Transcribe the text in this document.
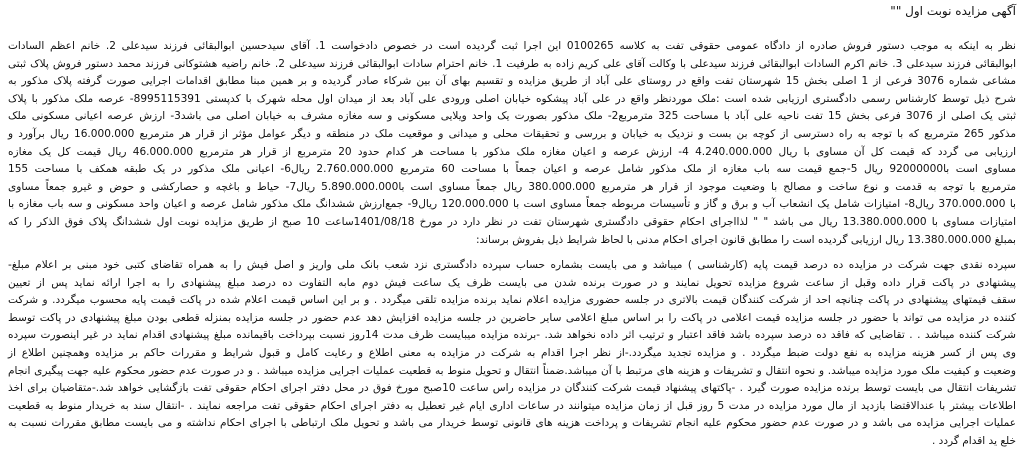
آگهی مزایده نوبت اول ""
نظر به اینکه به موجب دستور فروش صادره از دادگاه عمومی حقوقی تفت به کلاسه 0100265 این اجرا ثبت گردیده است در خصوص دادخواست 1. آقای سیدحسین ابوالبقائی فرزند سیدعلی 2. خانم اعظم السادات
ابوالبقائی فرزند سیدعلی 3. خانم اکرم السادات ابوالبقائی فرزند سیدعلی با وکالت آقای علی کریم زاده به طرفیت 1. خانم احترام سادات ابوالبقائی فرزند سیدعلی 2. خانم راضیه هشتوکانی فرزند محمد دستور فروش پلاک ثبتی
مشاعی شماره 3076 فرعی از 1 اصلی بخش 15 شهرستان تفت واقع در روستای علی آباد از طریق مزایده و تقسیم بهای آن بین شرکاء صادر گردیده و بر همین مبنا مطابق اقدامات اجرایی صورت گرفته پلاک مذکور به
شرح ذیل توسط کارشناس رسمی دادگستری ارزیابی شده است :ملک موردنظر واقع در علی آباد پیشکوه خیابان اصلی ورودی علی آباد بعد از میدان اول محله شهرک با کدپستی 8995115391- عرصه ملک مذکور با پلاک
ثبتی یک اصلی از 3076 فرعی بخش 15 تفت ناحیه علی آباد با مساحت 325 مترمربع2- ملک مذکور بصورت یک واحد ویلایی مسکونی و سه مغازه مشرف به خیابان اصلی می باشد3- ارزش عرصه اعیانی مسکونی ملک
مذکور 265 مترمربع که با توجه به راه دسترسی از کوچه بن بست و نزدیک به خیابان و بررسی و تحقیقات محلی و میدانی و موقعیت ملک در منطقه و دیگر عوامل مؤثر از قرار هر مترمربع 16.000.000 ریال برآورد و
ارزیابی می گردد که قیمت کل آن مساوی با ریال 4.240.000.000 4- ارزش عرصه و اعیان مغازه ملک مذکور با مساحت هر کدام حدود 20 مترمربع از قرار هر مترمربع 46.000.000 ریال قیمت کل یک مغازه
مساوی است با92000000 ریال 5-جمع قیمت سه باب مغازه از ملک مذکور شامل عرصه و اعیان جمعاً با مساحت 60 مترمربع 2.760.000.000 ریال6- اعیانی ملک مذکور در یک طبقه همکف با مساحت 155
مترمربع با توجه به قدمت و نوع ساخت و مصالح با وضعیت موجود از قرار هر مترمربع 380.000.000 ریال جمعاً مساوی است با5.890.000.000 ریال7- حیاط و باغچه و حصارکشی و حوض و غیرو جمعاً مساوی
با 370.000.000 ریال8- امتیازات شامل یک انشعاب آب و برق و گاز و تأسیسات مربوطه جمعاً مساوی است با 120.000.000 ریال9- جمع‌ارزش ششدانگ ملک مذکور شامل عرصه و اعیان واحد مسکونی و سه باب مغازه با
امتیازات مساوی با 13.380.000.000 ریال می باشد " " لذااجرای احکام حقوقی دادگستری شهرستان تفت در نظر دارد در مورخ 1401/08/18ساعت 10 صبح از طریق مزایده نوبت اول ششدانگ پلاک فوق الذکر را که
بمبلغ 13.380.000.000 ریال ارزیابی گردیده است را مطابق قانون اجرای احکام مدنی با لحاظ شرایط ذیل بفروش برساند:
سپرده نقدی جهت شرکت در مزایده ده درصد قیمت پایه (کارشناسی ) میباشد و می بایست بشماره حساب سپرده دادگستری نزد شعب بانک ملی واریز و اصل فیش را به همراه تقاضای کتبی خود مبنی بر اعلام مبلغ-
پیشنهادی در پاکت قرار داده وقبل از ساعت شروع مزایده تحویل نمایند و در صورت برنده شدن می بایست ظرف یک ساعت فیش دوم مابه التفاوت ده درصد مبلغ پیشنهادی را به اجرا ارائه نماید پس از تعیین
سقف قیمتهای پیشنهادی در پاکت چنانچه احد از شرکت کنندگان قیمت بالاتری در جلسه حضوری مزایده اعلام نماید برنده مزایده تلقی میگردد . و بر این اساس قیمت اعلام شده در پاکت قیمت پایه محسوب میگردد. و شرکت
کننده در مزایده می تواند با حضور در جلسه مزایده قیمت اعلامی در پاکت را بر اساس مبلغ اعلامی سایر حاضرین در جلسه مزایده افزایش دهد عدم حضور در جلسه مزایده بمنزله قطعی بودن مبلغ پیشنهادی در پاکت توسط
شرکت کننده میباشد . . تقاضایی که فاقد ده درصد سپرده باشد فاقد اعتبار و ترتیب اثر داده نخواهد شد. -برنده مزایده میبایست ظرف مدت 14روز نسبت بپرداخت باقیمانده مبلغ پیشنهادی اقدام نماید در غیر اینصورت سپرده
وی پس از کسر هزینه مزایده به نفع دولت ضبط میگردد . و مزایده تجدید میگردد.-از نظر اجرا اقدام به شرکت در مزایده به معنی اطلاع و رعایت کامل و قبول شرایط و مقررات حاکم بر مزایده وهمچنین اطلاع از
وضعیت و کیفیت ملک مورد مزایده میباشد. و نحوه انتقال و تشریفات و هزینه های مرتبط با آن میباشد.ضمناً انتقال و تحویل منوط به قطعیت عملیات اجرایی مزایده میباشد . و در صورت عدم حضور محکوم علیه جهت پیگیری انجام
تشریفات انتقال می بایست توسط برنده مزایده صورت گیرد . -پاکتهای پیشنهاد قیمت شرکت کنندگان در مزایده راس ساعت 10صبح مورخ فوق در محل دفتر اجرای احکام حقوقی تفت بازگشایی خواهد شد.-متقاضیان برای اخذ
اطلاعات بیشتر با عندالاقتضا بازدید از مال مورد مزایده در مدت 5 روز قبل از زمان مزایده میتوانند در ساعات اداری ایام غیر تعطیل به دفتر اجرای احکام حقوقی تفت مراجعه نمایند . -انتقال سند به خریدار منوط به قطعیت
عملیات اجرایی مزایده می باشد و در صورت عدم حضور محکوم علیه انجام تشریفات و پرداخت هزینه های قانونی توسط خریدار می باشد و تحویل ملک ارتباطی با اجرای احکام نداشته و می بایست مطابق مقررات نسبت به
خلع ید اقدام گردد .
